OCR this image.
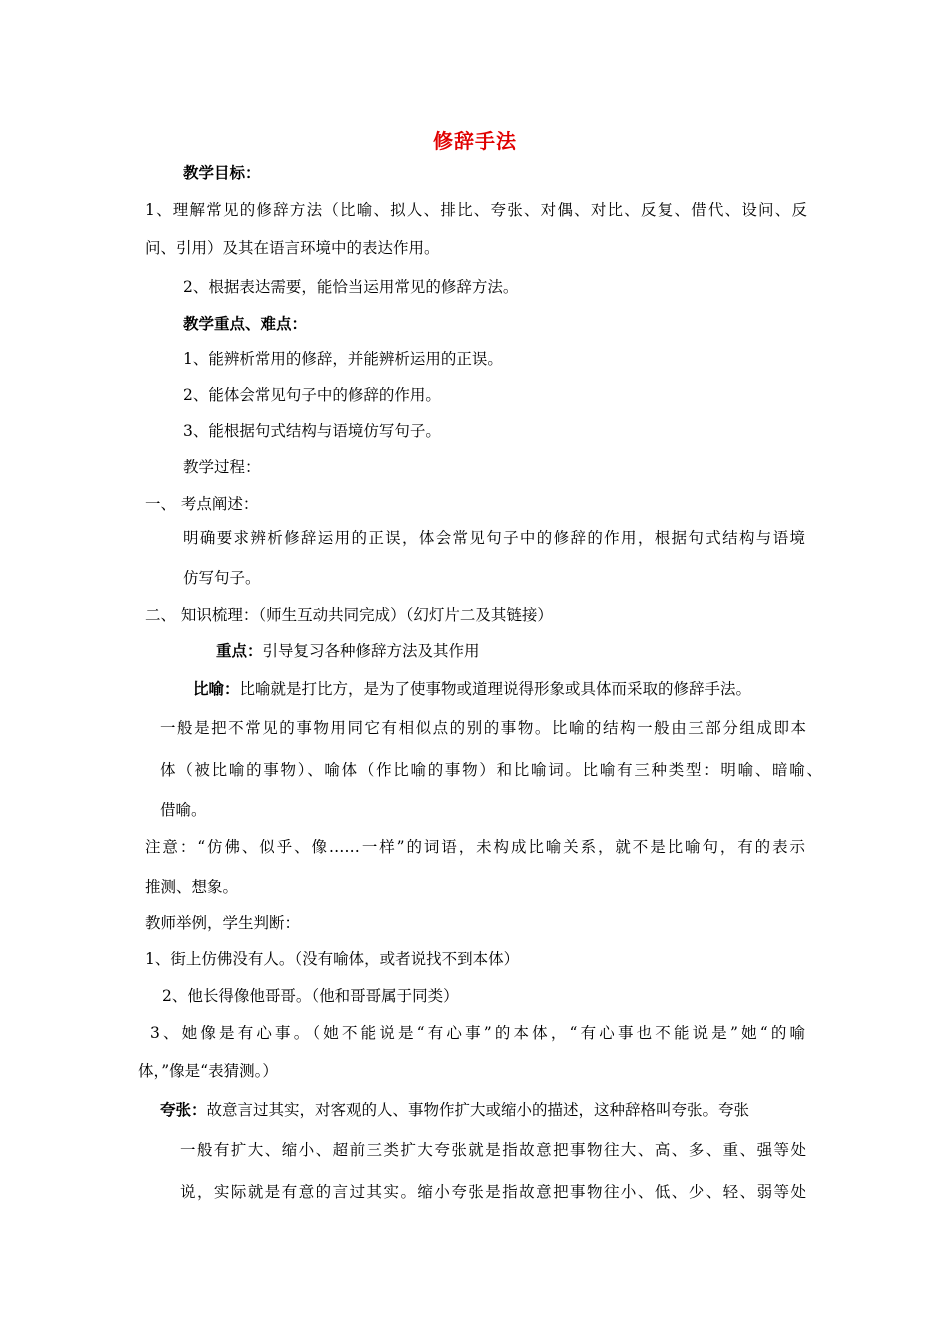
修辞手法
教学目标：
1、理解常见的修辞方法（比喻、拟人、排比、夸张、对偶、对比、反复、借代、设问、反
问、引用）及其在语言环境中的表达作用。
2、根据表达需要，能恰当运用常见的修辞方法。
教学重点、难点：
1、能辨析常用的修辞，并能辨析运用的正误。
2、能体会常见句子中的修辞的作用。
3、能根据句式结构与语境仿写句子。
教学过程：
一、 考点阐述：
明确要求辨析修辞运用的正误，体会常见句子中的修辞的作用，根据句式结构与语境
仿写句子。
二、 知识梳理：（师生互动共同完成）（幻灯片二及其链接）
重点：引导复习各种修辞方法及其作用
比喻：比喻就是打比方，是为了使事物或道理说得形象或具体而采取的修辞手法。
一般是把不常见的事物用同它有相似点的别的事物。比喻的结构一般由三部分组成即本
体（被比喻的事物）、喻体（作比喻的事物）和比喻词。比喻有三种类型：明喻、暗喻、
借喻。
注意：“仿佛、似乎、像……一样”的词语，未构成比喻关系，就不是比喻句，有的表示
推测、想象。
教师举例，学生判断：
1、街上仿佛没有人。（没有喻体，或者说找不到本体）
2、他长得像他哥哥。（他和哥哥属于同类）
3、她像是有心事。（她不能说是“有心事”的本体，“有心事也不能说是”她“的喻
体，”像是“表猜测。）
夸张：故意言过其实，对客观的人、事物作扩大或缩小的描述，这种辞格叫夸张。夸张
一般有扩大、缩小、超前三类扩大夸张就是指故意把事物往大、高、多、重、强等处
说，实际就是有意的言过其实。缩小夸张是指故意把事物往小、低、少、轻、弱等处
